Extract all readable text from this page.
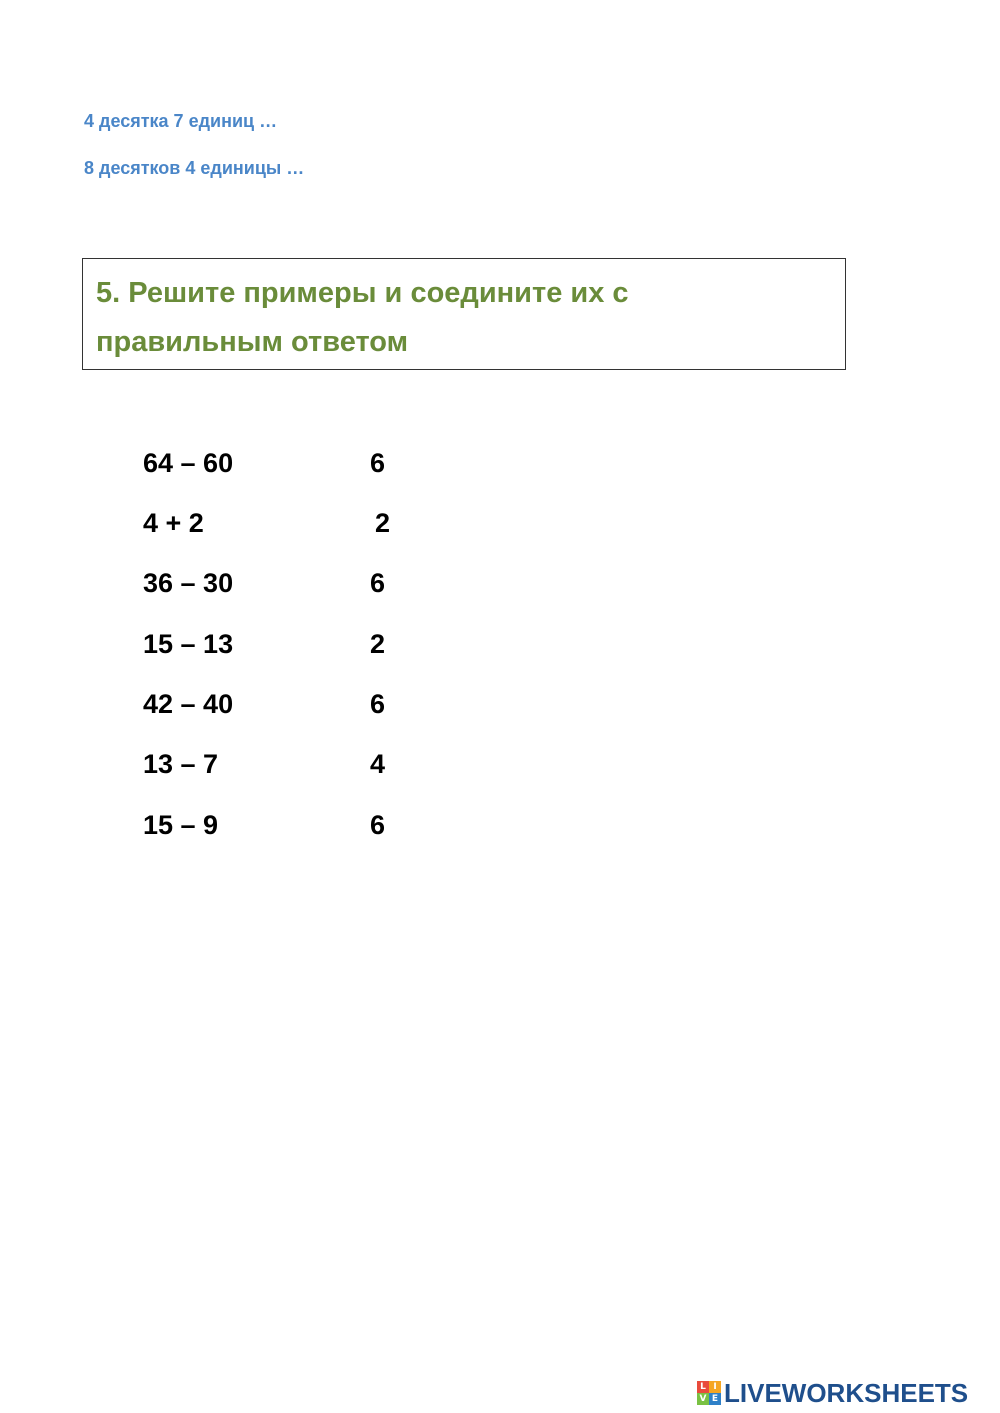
4 десятка 7 единиц …

8 десятков 4 единицы …

5. Решите примеры и соедините их с правильным ответом

64 – 60	6
4 + 2	2
36 – 30	6
15 – 13	2
42 – 40	6
13 – 7	4
15 – 9	6
L I
V E LIVEWORKSHEETS
